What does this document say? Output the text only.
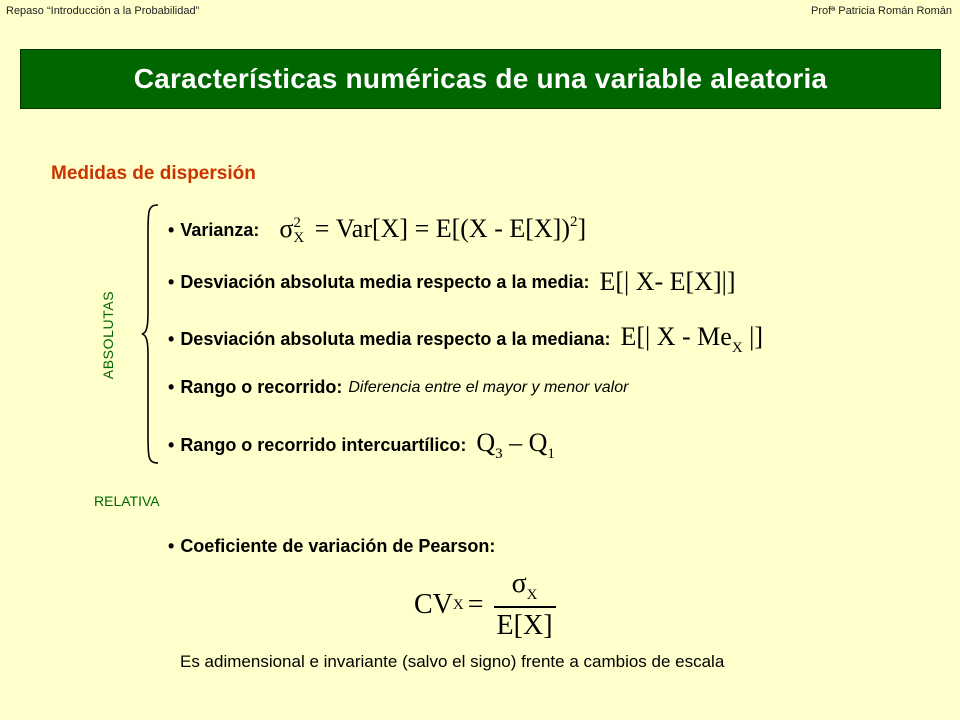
Repaso “Introducción a la Probabilidad”	Profª Patricia Román Román
Características numéricas de una variable aleatoria
Medidas de dispersión
ABSOLUTAS
• Varianza: σ 2
X = Var[X] = E[(X - E[X])$^2$]
• Desviación absoluta media respecto a la media: E[| X- E[X]|]
• Desviación absoluta media respecto a la mediana: E[| X - $Me_X$ |]
• Rango o recorrido: Diferencia entre el mayor y menor valor
• Rango o recorrido intercuartílico: $Q_3 - Q_1$
RELATIVA
• Coeficiente de variación de Pearson:
CV $X = \frac{\sigma_X}{E[X]}$
Es adimensional e invariante (salvo el signo) frente a cambios de escala
